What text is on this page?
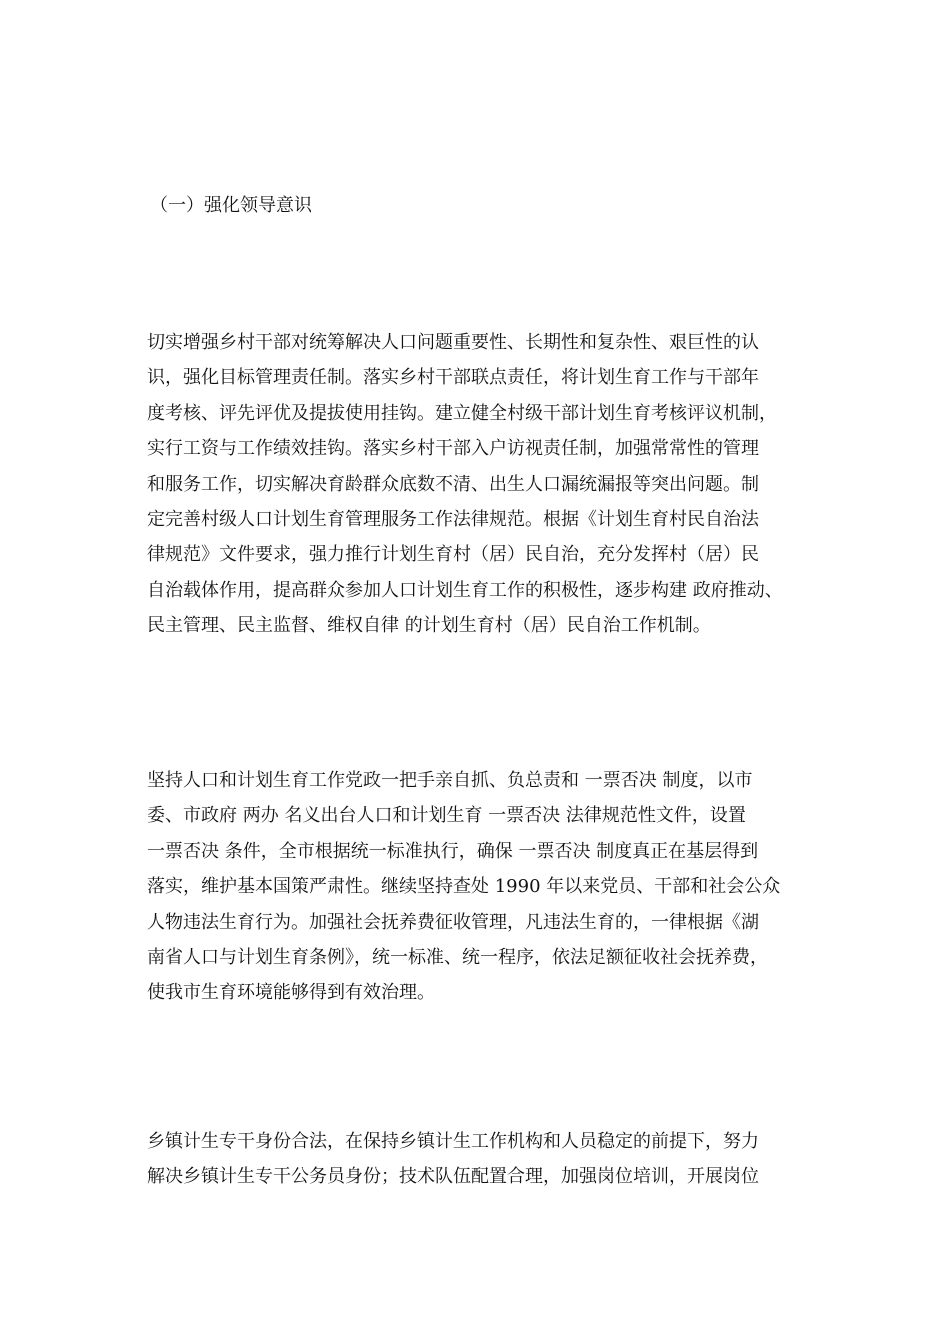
（一）强化领导意识
切实增强乡村干部对统筹解决人口问题重要性、长期性和复杂性、艰巨性的认
识，强化目标管理责任制。落实乡村干部联点责任，将计划生育工作与干部年
度考核、评先评优及提拔使用挂钩。建立健全村级干部计划生育考核评议机制，
实行工资与工作绩效挂钩。落实乡村干部入户访视责任制，加强常常性的管理
和服务工作，切实解决育龄群众底数不清、出生人口漏统漏报等突出问题。制
定完善村级人口计划生育管理服务工作法律规范。根据《计划生育村民自治法
律规范》文件要求，强力推行计划生育村（居）民自治，充分发挥村（居）民
自治载体作用，提高群众参加人口计划生育工作的积极性，逐步构建 政府推动、
民主管理、民主监督、维权自律 的计划生育村（居）民自治工作机制。
坚持人口和计划生育工作党政一把手亲自抓、负总责和 一票否决 制度，以市
委、市政府 两办 名义出台人口和计划生育 一票否决 法律规范性文件，设置
一票否决 条件，全市根据统一标准执行，确保 一票否决 制度真正在基层得到
落实，维护基本国策严肃性。继续坚持查处 1990 年以来党员、干部和社会公众
人物违法生育行为。加强社会抚养费征收管理，凡违法生育的，一律根据《湖
南省人口与计划生育条例》，统一标准、统一程序，依法足额征收社会抚养费，
使我市生育环境能够得到有效治理。
乡镇计生专干身份合法，在保持乡镇计生工作机构和人员稳定的前提下，努力
解决乡镇计生专干公务员身份；技术队伍配置合理，加强岗位培训，开展岗位
